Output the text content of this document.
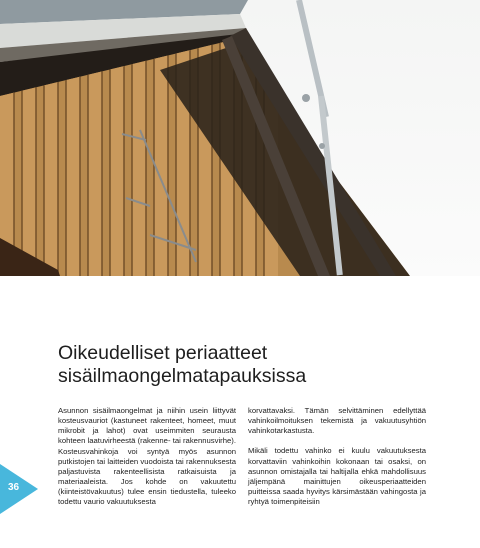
Oikeudelliset periaatteet
sisäilmaongelmatapauksissa

Asunnon sisäilmaongelmat ja niihin usein liittyvät kosteusvauriot (kastuneet rakenteet, homeet, muut mikrobit ja lahot) ovat useimmiten seurausta kohteen laatuvirheestä (rakenne- tai rakennusvirhe). Kosteusvahinkoja voi syntyä myös asunnon putkistojen tai laitteiden vuodoista tai rakennuksesta paljastuvista rakenteellisista ratkaisuista ja materiaaleista. Jos kohde on vakuutettu (kiinteistövakuutus) tulee ensin tiedustella, tuleeko todettu vaurio vakuutuksesta

korvattavaksi. Tämän selvittäminen edellyttää vahinkoilmoituksen tekemistä ja vakuutusyhtiön vahinkotarkastusta.

Mikäli todettu vahinko ei kuulu vakuutuksesta korvattaviin vahinkoihin kokonaan tai osaksi, on asunnon omistajalla tai haltijalla ehkä mahdollisuus jäljempänä mainittujen oikeusperiaatteiden puitteissa saada hyvitys kärsimästään vahingosta ja ryhtyä toimenpiteisiin

36
